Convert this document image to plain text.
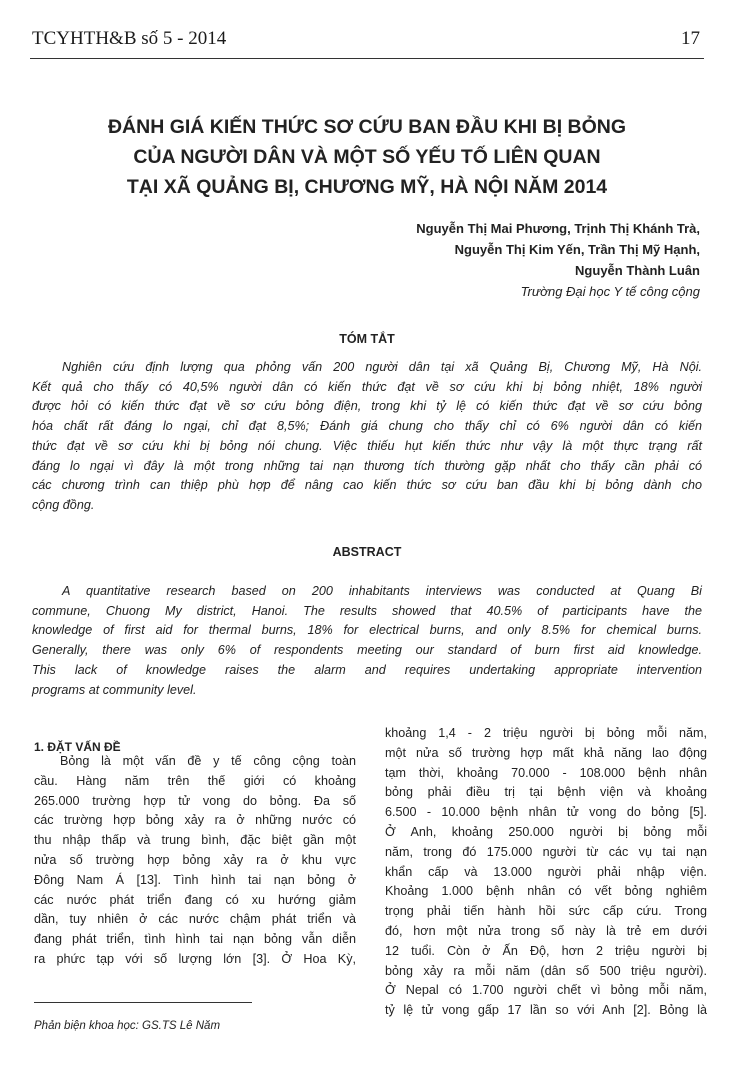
TCYHTH&B số 5 - 2014	17
ĐÁNH GIÁ KIẾN THỨC SƠ CỨU BAN ĐẦU KHI BỊ BỎNG
CỦA NGƯỜI DÂN VÀ MỘT SỐ YẾU TỐ LIÊN QUAN
TẠI XÃ QUẢNG BỊ, CHƯƠNG MỸ, HÀ NỘI NĂM 2014
Nguyễn Thị Mai Phương, Trịnh Thị Khánh Trà,
Nguyễn Thị Kim Yến, Trần Thị Mỹ Hạnh,
Nguyễn Thành Luân
Trường Đại học Y tế công cộng
TÓM TẮT
Nghiên cứu định lượng qua phỏng vấn 200 người dân tại xã Quảng Bị, Chương Mỹ, Hà Nội.
Kết quả cho thấy có 40,5% người dân có kiến thức đạt về sơ cứu khi bị bỏng nhiệt, 18% người
được hỏi có kiến thức đạt về sơ cứu bỏng điện, trong khi tỷ lệ có kiến thức đạt về sơ cứu bỏng
hóa chất rất đáng lo ngại, chỉ đạt 8,5%; Đánh giá chung cho thấy chỉ có 6% người dân có kiến
thức đạt về sơ cứu khi bị bỏng nói chung. Việc thiếu hụt kiến thức như vậy là một thực trạng rất
đáng lo ngại vì đây là một trong những tai nạn thương tích thường gặp nhất cho thấy cần phải có
các chương trình can thiệp phù hợp để nâng cao kiến thức sơ cứu ban đầu khi bị bỏng dành cho
cộng đồng.
ABSTRACT
A quantitative research based on 200 inhabitants interviews was conducted at Quang Bi
commune, Chuong My district, Hanoi. The results showed that 40.5% of participants have the
knowledge of first aid for thermal burns, 18% for electrical burns, and only 8.5% for chemical burns.
Generally, there was only 6% of respondents meeting our standard of burn first aid knowledge.
This lack of knowledge raises the alarm and requires undertaking appropriate intervention
programs at community level.
1. ĐẶT VẤN ĐỀ
Bỏng là một vấn đề y tế công cộng toàn
cầu. Hàng năm trên thế giới có khoảng
265.000 trường hợp tử vong do bỏng. Đa số
các trường hợp bỏng xảy ra ở những nước có
thu nhập thấp và trung bình, đặc biệt gần một
nửa số trường hợp bỏng xảy ra ở khu vực
Đông Nam Á [13]. Tình hình tai nạn bỏng ở
các nước phát triển đang có xu hướng giảm
dần, tuy nhiên ở các nước chậm phát triển và
đang phát triển, tình hình tai nạn bỏng vẫn diễn
ra phức tạp với số lượng lớn [3]. Ở Hoa Kỳ,
khoảng 1,4 - 2 triệu người bị bỏng mỗi năm,
một nửa số trường hợp mất khả năng lao động
tạm thời, khoảng 70.000 - 108.000 bệnh nhân
bỏng phải điều trị tại bệnh viện và khoảng
6.500 - 10.000 bệnh nhân tử vong do bỏng [5].
Ở Anh, khoảng 250.000 người bị bỏng mỗi
năm, trong đó 175.000 người từ các vụ tai nạn
khẩn cấp và 13.000 người phải nhập viện.
Khoảng 1.000 bệnh nhân có vết bỏng nghiêm
trọng phải tiến hành hồi sức cấp cứu. Trong
đó, hơn một nửa trong số này là trẻ em dưới
12 tuổi. Còn ở Ấn Độ, hơn 2 triệu người bị
bỏng xảy ra mỗi năm (dân số 500 triệu người).
Ở Nepal có 1.700 người chết vì bỏng mỗi năm,
tỷ lệ tử vong gấp 17 lần so với Anh [2]. Bỏng là
Phản biện khoa học: GS.TS Lê Năm
